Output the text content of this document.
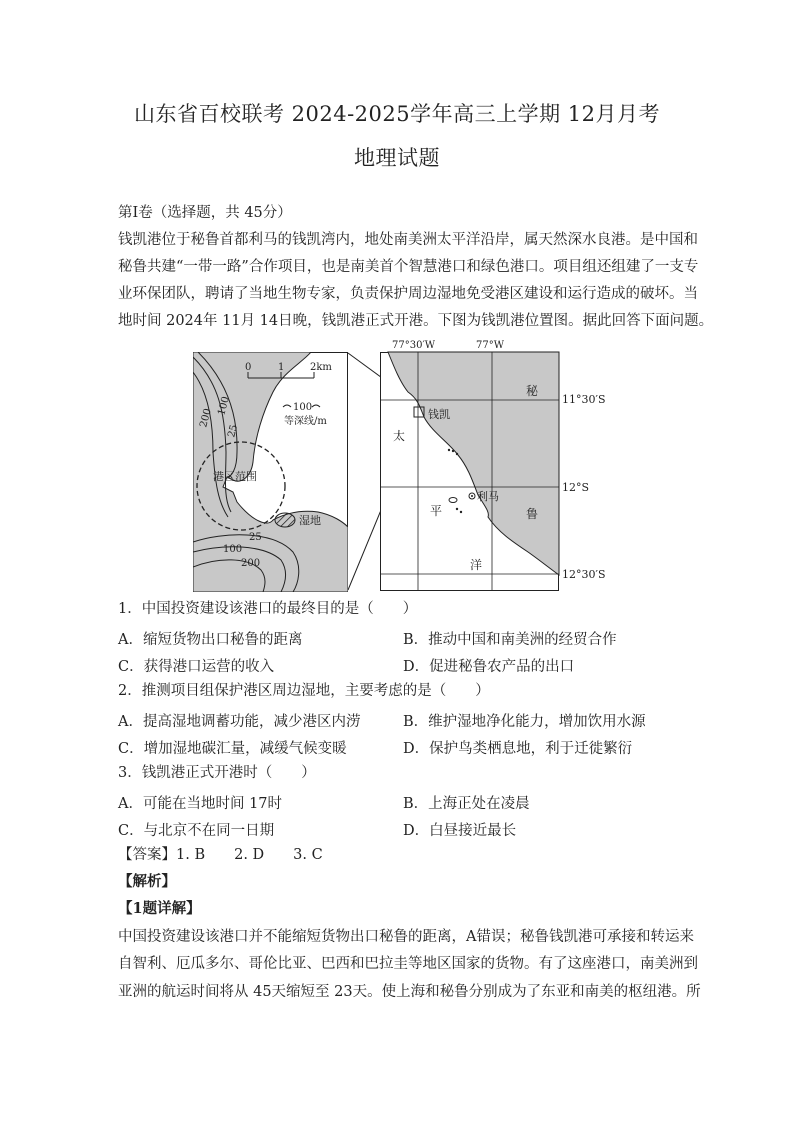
山东省百校联考 2024-2025学年高三上学期 12月月考
地理试题
第Ⅰ卷（选择题，共 45分）
钱凯港位于秘鲁首都利马的钱凯湾内，地处南美洲太平洋沿岸，属天然深水良港。是中国和
秘鲁共建“一带一路”合作项目，也是南美首个智慧港口和绿色港口。项目组还组建了一支专
业环保团队，聘请了当地生物专家，负责保护周边湿地免受港区建设和运行造成的破坏。当
地时间 2024年 11月 14日晚，钱凯港正式开港。下图为钱凯港位置图。据此回答下面问题。
0	1	2km
100
等深线/m
200
100
25
25
100
200
港区范围
湿地
77°30′W	77°W
钱凯
利马
太
平
洋
秘
鲁
11°30′S
12°S
12°30′S
1．中国投资建设该港口的最终目的是（　　）
A．缩短货物出口秘鲁的距离	B．推动中国和南美洲的经贸合作
C．获得港口运营的收入	D．促进秘鲁农产品的出口
2．推测项目组保护港区周边湿地，主要考虑的是（　　）
A．提高湿地调蓄功能，减少港区内涝	B．维护湿地净化能力，增加饮用水源
C．增加湿地碳汇量，减缓气候变暖	D．保护鸟类栖息地，利于迁徙繁衍
3．钱凯港正式开港时（　　）
A．可能在当地时间 17时	B．上海正处在凌晨
C．与北京不在同一日期	D．白昼接近最长
【答案】1. B　　2. D　　3. C
【解析】
【1题详解】
中国投资建设该港口并不能缩短货物出口秘鲁的距离，A错误；秘鲁钱凯港可承接和转运来
自智利、厄瓜多尔、哥伦比亚、巴西和巴拉圭等地区国家的货物。有了这座港口，南美洲到
亚洲的航运时间将从 45天缩短至 23天。使上海和秘鲁分别成为了东亚和南美的枢纽港。所
